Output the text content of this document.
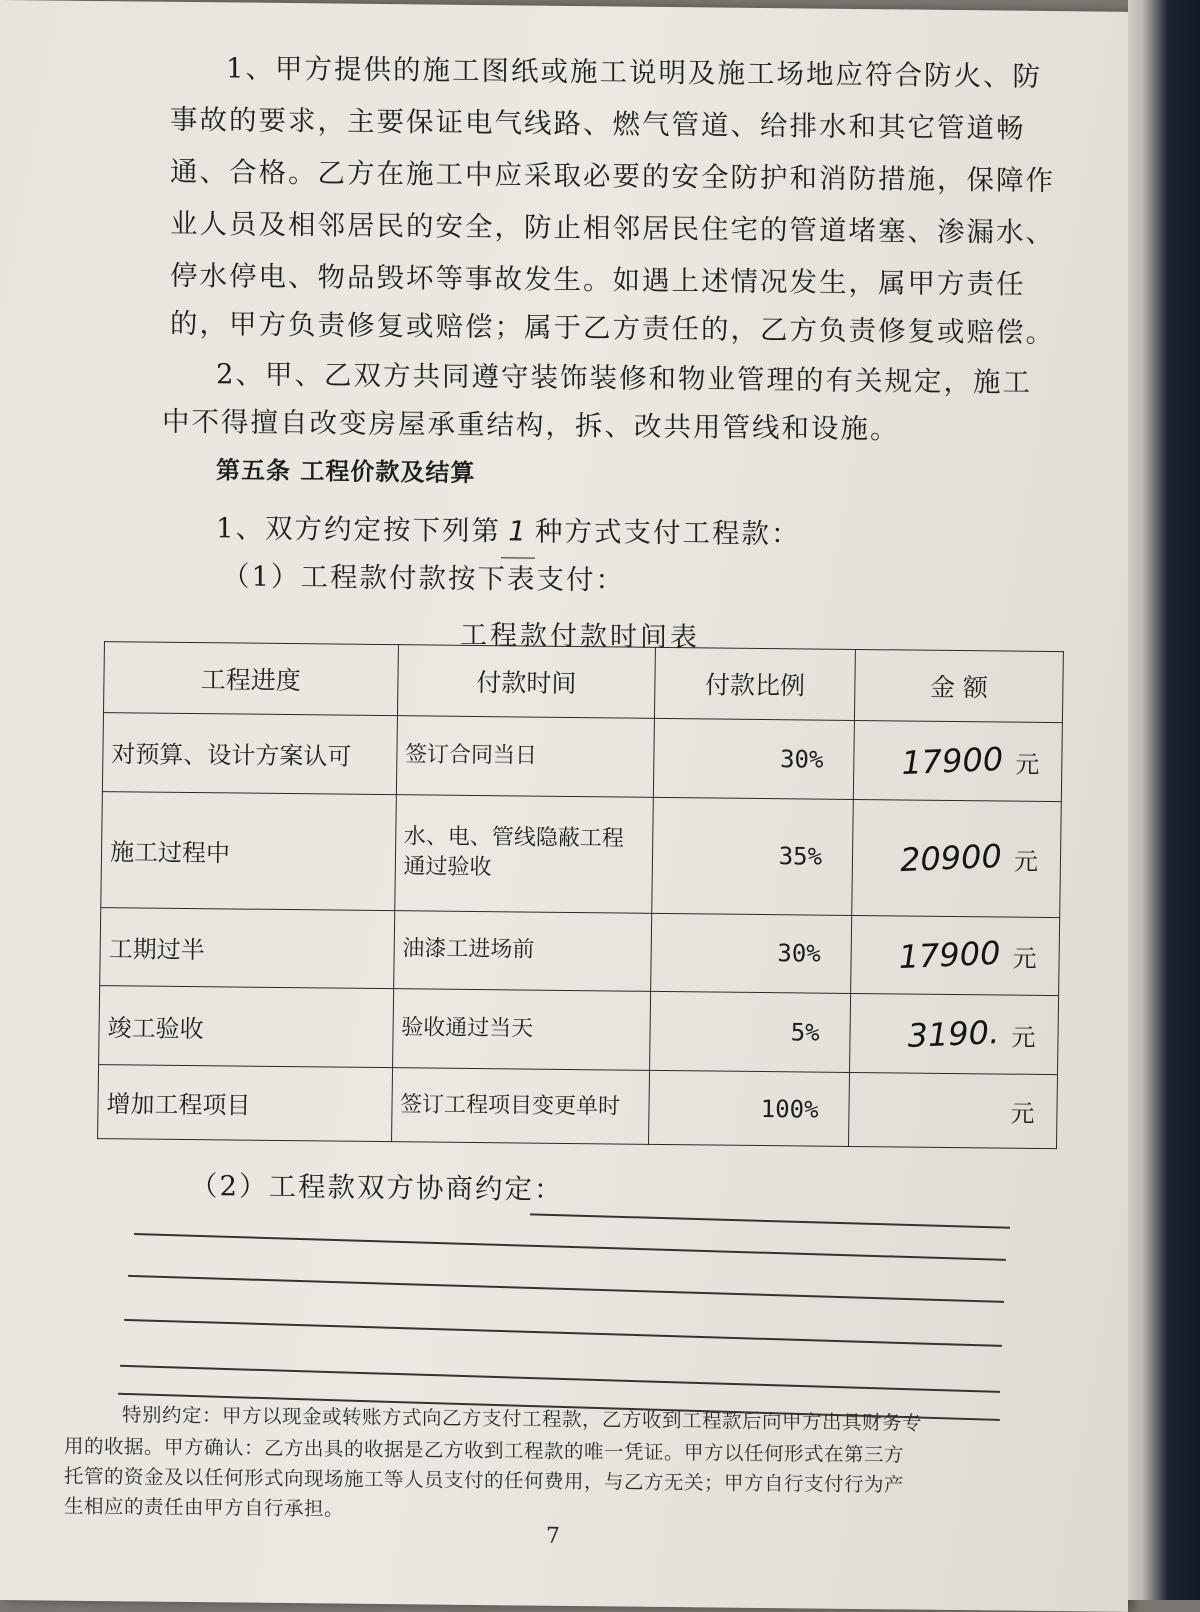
1、甲方提供的施工图纸或施工说明及施工场地应符合防火、防

事故的要求，主要保证电气线路、燃气管道、给排水和其它管道畅

通、合格。乙方在施工中应采取必要的安全防护和消防措施，保障作

业人员及相邻居民的安全，防止相邻居民住宅的管道堵塞、渗漏水、

停水停电、物品毁坏等事故发生。如遇上述情况发生，属甲方责任

的，甲方负责修复或赔偿；属于乙方责任的，乙方负责修复或赔偿。

2、甲、乙双方共同遵守装饰装修和物业管理的有关规定，施工

中不得擅自改变房屋承重结构，拆、改共用管线和设施。

第五条 工程价款及结算

1、双方约定按下列第 1 种方式支付工程款：

（1）工程款付款按下表支付：

工程款付款时间表
工程进度	付款时间	付款比例	金 额
对预算、设计方案认可	签订合同当日	30%	17900 元
施工过程中	水、电、管线隐蔽工程通过验收	35%	20900 元
工期过半	油漆工进场前	30%	17900 元
竣工验收	验收通过当天	5%	3190. 元
增加工程项目	签订工程项目变更单时	100%	元

（2）工程款双方协商约定：

特别约定：甲方以现金或转账方式向乙方支付工程款，乙方收到工程款后向甲方出具财务专

用的收据。甲方确认：乙方出具的收据是乙方收到工程款的唯一凭证。甲方以任何形式在第三方

托管的资金及以任何形式向现场施工等人员支付的任何费用，与乙方无关；甲方自行支付行为产

生相应的责任由甲方自行承担。

7
